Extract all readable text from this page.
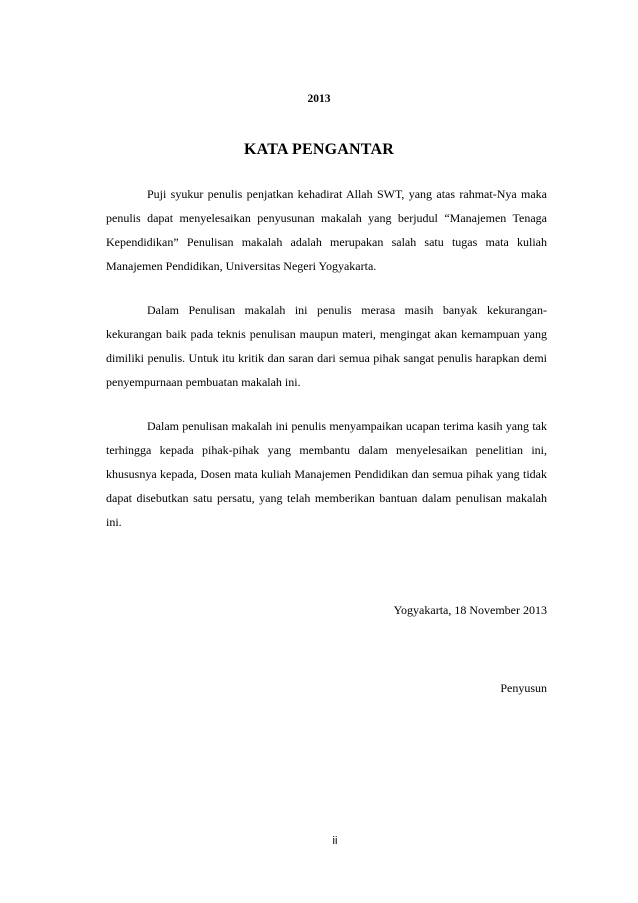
2013

KATA PENGANTAR

Puji syukur penulis penjatkan kehadirat Allah SWT, yang atas rahmat-Nya maka penulis dapat menyelesaikan penyusunan makalah yang berjudul “Manajemen Tenaga Kependidikan” Penulisan makalah adalah merupakan salah satu tugas mata kuliah Manajemen Pendidikan, Universitas Negeri Yogyakarta.

Dalam Penulisan makalah ini penulis merasa masih banyak kekurangan-kekurangan baik pada teknis penulisan maupun materi, mengingat akan kemampuan yang dimiliki penulis. Untuk itu kritik dan saran dari semua pihak sangat penulis harapkan demi penyempurnaan pembuatan makalah ini.

Dalam penulisan makalah ini penulis menyampaikan ucapan terima kasih yang tak terhingga kepada pihak-pihak yang membantu dalam menyelesaikan penelitian ini, khususnya kepada, Dosen mata kuliah Manajemen Pendidikan dan semua pihak yang tidak dapat disebutkan satu persatu, yang telah memberikan bantuan dalam penulisan makalah ini.

Yogyakarta, 18 November 2013

Penyusun

ii
